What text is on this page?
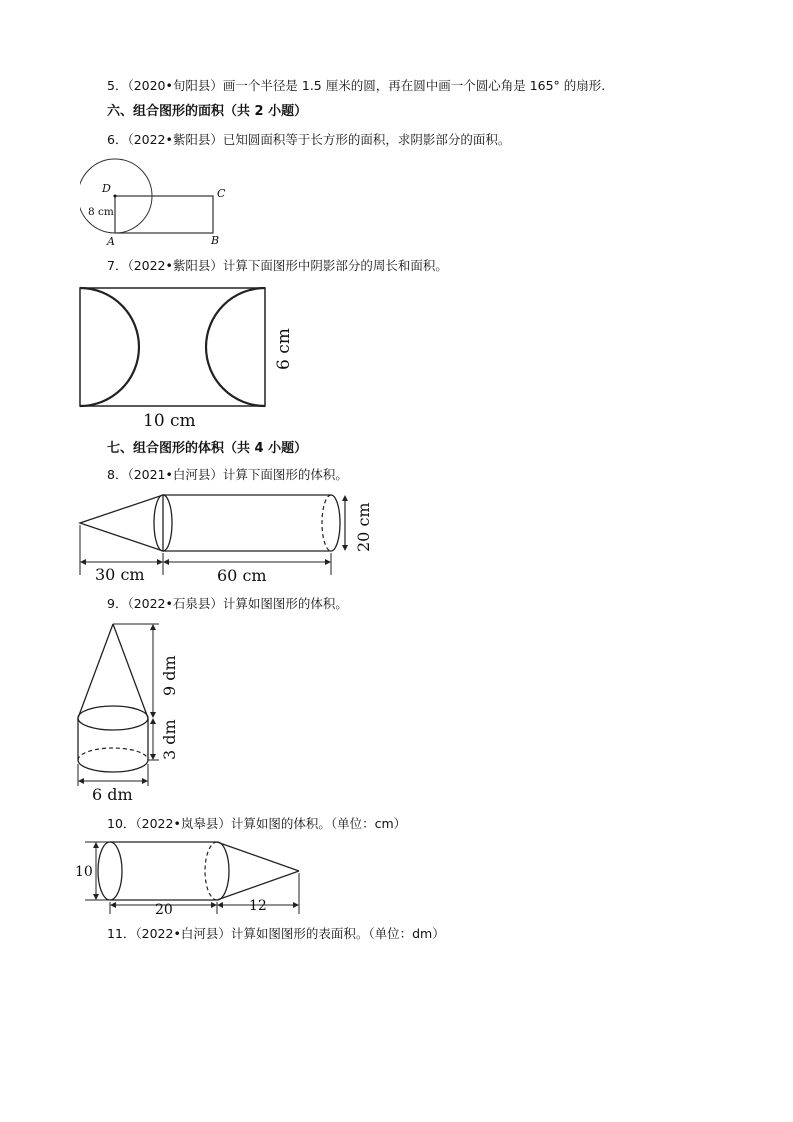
5．（2020•旬阳县）画一个半径是 1.5 厘米的圆，再在圆中画一个圆心角是 165° 的扇形.
六、组合图形的面积（共 2 小题）
6．（2022•紫阳县）已知圆面积等于长方形的面积，求阴影部分的面积。
D	C
A	B
8 cm
7．（2022•紫阳县）计算下面图形中阴影部分的周长和面积。
10 cm
6 cm
七、组合图形的体积（共 4 小题）
8．（2021•白河县）计算下面图形的体积。
20 cm
30 cm	60 cm
9．（2022•石泉县）计算如图图形的体积。
9 dm
3 dm
6 dm
10．（2022•岚皋县）计算如图的体积。（单位：cm）
10
20	12
11．（2022•白河县）计算如图图形的表面积。（单位：dm）
